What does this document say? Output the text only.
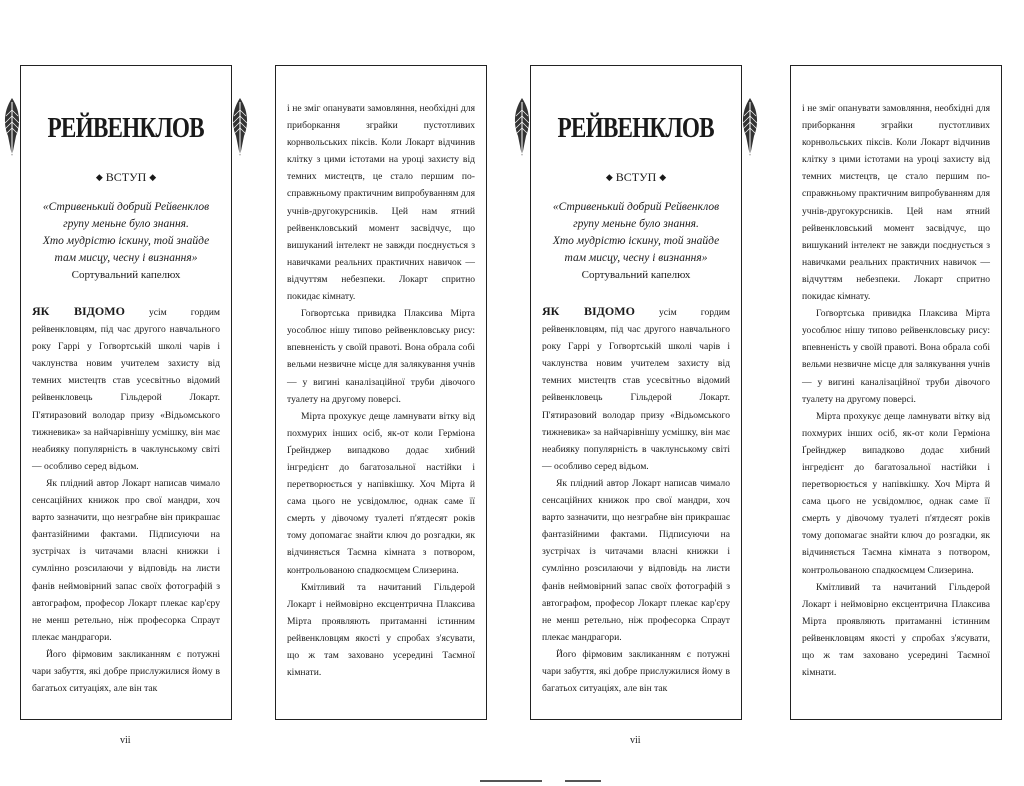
РЕЙВЕНКЛОВ
◆ ВСТУП ◆
«Стривенький добрий Рейвенклов
групу меньне було знання.
Хто мудрістю іскину, той знайде
там мисцу, чесну і визнання»
Сортувальний капелюх

ЯК ВІДОМО усім гордим рейвенкловцям, під час другого навчального року Гаррі у Гоґвортській школі чарів і чаклунства новим учителем захисту від темних мистецтв став усесвітньо відомий рейвенкловець Гільдерой Локарт. П'ятиразовий володар призу «Відьомського тижневика» за найчарівнішу усмішку, він має неабияку популярність в чаклунському світі — особливо серед відьом.

Як плідний автор Локарт написав чимало сенсаційних книжок про свої мандри, хоч варто зазначити, що незграбне він прикрашає фантазійними фактами. Підписуючи на зустрічах із читачами власні книжки і сумлінно розсилаючи у відповідь на листи фанів неймовірний запас своїх фотографій з автографом, професор Локарт плекає кар'єру не менш ретельно, ніж професорка Спраут плекає мандрагори.

Його фірмовим закликанням є потужні чари забуття, які добре прислужилися йому в багатьох ситуаціях, але він так

і не зміг опанувати замовляння, необхідні для приборкання зграйки пустотливих корнвольських піксів. Коли Локарт відчинив клітку з цими істотами на уроці захисту від темних мистецтв, це стало першим по-справжньому практичним випробуванням для учнів-другокурсників. Цей нам ятний рейвенкловський момент засвідчує, що вишуканий інтелект не завжди поєднується з навичками реальних практичних навичок — відчуттям небезпеки. Локарт спритно покидає кімнату.

Гоґвортська привидка Плаксива Мірта уособлює нішу типово рейвенкловську рису: впевненість у своїй правоті. Вона обрала собі вельми незвичне місце для залякування учнів — у вигині каналізаційної труби дівочого туалету на другому поверсі.

Мірта прохукує деще ламнувати вітку від похмурих інших осіб, як-от коли Герміона Ґрейнджер випадково додає хибний інгредієнт до багатозальної настійки і перетворюється у напівкішку. Хоч Мірта й сама цього не усвідомлює, однак саме її смерть у дівочому туалеті п'ятдесят років тому допомагає знайти ключ до розгадки, як відчиняється Таємна кімната з потвором, контрольованою спадкоємцем Слизерина.

Кмітливий та начитаний Гільдерой Локарт і неймовірно ексцентрична Плаксива Мірта проявляють притаманні істинним рейвенкловцям якості у спробах з'ясувати, що ж там заховано усередині Таємної кімнати.

РЕЙВЕНКЛОВ
◆ ВСТУП ◆
«Стривенький добрий Рейвенклов
групу меньне було знання.
Хто мудрістю іскину, той знайде
там мисцу, чесну і визнання»
Сортувальний капелюх

ЯК ВІДОМО усім гордим рейвенкловцям, під час другого навчального року Гаррі у Гоґвортській школі чарів і чаклунства новим учителем захисту від темних мистецтв став усесвітньо відомий рейвенкловець Гільдерой Локарт. П'ятиразовий володар призу «Відьомського тижневика» за найчарівнішу усмішку, він має неабияку популярність в чаклунському світі — особливо серед відьом.

Як плідний автор Локарт написав чимало сенсаційних книжок про свої мандри, хоч варто зазначити, що незграбне він прикрашає фантазійними фактами. Підписуючи на зустрічах із читачами власні книжки і сумлінно розсилаючи у відповідь на листи фанів неймовірний запас своїх фотографій з автографом, професор Локарт плекає кар'єру не менш ретельно, ніж професорка Спраут плекає мандрагори.

Його фірмовим закликанням є потужні чари забуття, які добре прислужилися йому в багатьох ситуаціях, але він так

і не зміг опанувати замовляння, необхідні для приборкання зграйки пустотливих корнвольських піксів. Коли Локарт відчинив клітку з цими істотами на уроці захисту від темних мистецтв, це стало першим по-справжньому практичним випробуванням для учнів-другокурсників. Цей нам ятний рейвенкловський момент засвідчує, що вишуканий інтелект не завжди поєднується з навичками реальних практичних навичок — відчуттям небезпеки. Локарт спритно покидає кімнату.

Гоґвортська привидка Плаксива Мірта уособлює нішу типово рейвенкловську рису: впевненість у своїй правоті. Вона обрала собі вельми незвичне місце для залякування учнів — у вигині каналізаційної труби дівочого туалету на другому поверсі.

Мірта прохукує деще ламнувати вітку від похмурих інших осіб, як-от коли Герміона Ґрейнджер випадково додає хибний інгредієнт до багатозальної настійки і перетворюється у напівкішку. Хоч Мірта й сама цього не усвідомлює, однак саме її смерть у дівочому туалеті п'ятдесят років тому допомагає знайти ключ до розгадки, як відчиняється Таємна кімната з потвором, контрольованою спадкоємцем Слизерина.

Кмітливий та начитаний Гільдерой Локарт і неймовірно ексцентрична Плаксива Мірта проявляють притаманні істинним рейвенкловцям якості у спробах з'ясувати, що ж там заховано усередині Таємної кімнати.

vii	vii
